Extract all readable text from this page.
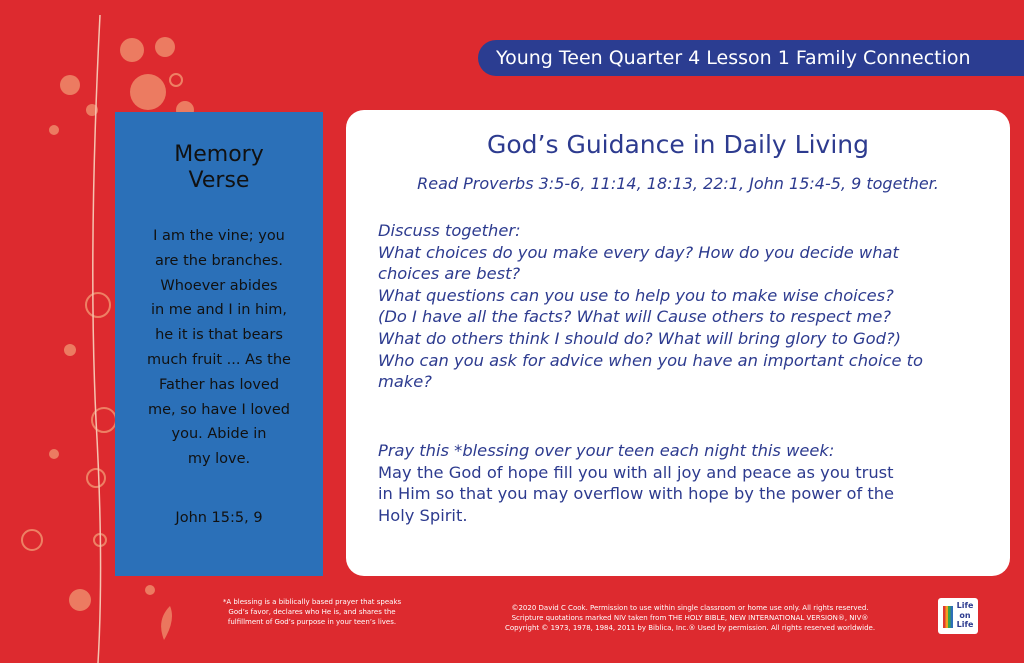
Young Teen Quarter 4 Lesson 1 Family Connection
Memory
Verse
I am the vine; you
are the branches.
Whoever abides
in me and I in him,
he it is that bears
much fruit ... As the
Father has loved
me, so have I loved
you. Abide in
my love.
John 15:5, 9
God’s Guidance in Daily Living
Read Proverbs 3:5-6, 11:14, 18:13, 22:1, John 15:4-5, 9 together.
Discuss together:
What choices do you make every day? How do you decide what
choices are best?
What questions can you use to help you to make wise choices?
(Do I have all the facts? What will Cause others to respect me?
What do others think I should do? What will bring glory to God?)
Who can you ask for advice when you have an important choice to
make?
Pray this *blessing over your teen each night this week:
May the God of hope fill you with all joy and peace as you trust
in Him so that you may overflow with hope by the power of the
Holy Spirit.
*A blessing is a biblically based prayer that speaks
God’s favor, declares who He is, and shares the
fulfillment of God’s purpose in your teen’s lives.
©2020 David C Cook. Permission to use within single classroom or home use only. All rights reserved.
Scripture quotations marked NIV taken from THE HOLY BIBLE, NEW INTERNATIONAL VERSION®, NIV®
Copyright © 1973, 1978, 1984, 2011 by Biblica, Inc.® Used by permission. All rights reserved worldwide.
Life
on
Life
